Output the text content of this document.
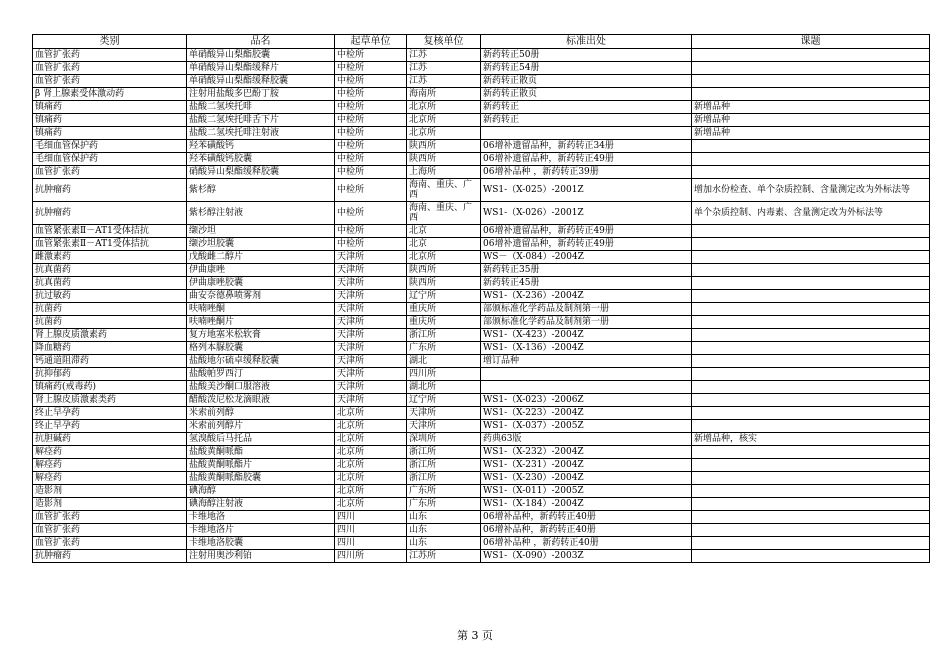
类别	品名	起草单位	复核单位	标准出处	课题
血管扩张药	单硝酸异山梨酯胶囊	中检所	江苏	新药转正50册	
血管扩张药	单硝酸异山梨酯缓释片	中检所	江苏	新药转正54册	
血管扩张药	单硝酸异山梨酯缓释胶囊	中检所	江苏	新药转正散页	
β 肾上腺素受体激动药	注射用盐酸多巴酚丁胺	中检所	海南所	新药转正散页	
镇痛药	盐酸二氢埃托啡	中检所	北京所	新药转正	新增品种
镇痛药	盐酸二氢埃托啡舌下片	中检所	北京所	新药转正	新增品种
镇痛药	盐酸二氢埃托啡注射液	中检所	北京所		新增品种
毛细血管保护药	羟苯磺酸钙	中检所	陕西所	06增补遗留品种，新药转正34册	
毛细血管保护药	羟苯磺酸钙胶囊	中检所	陕西所	06增补遗留品种，新药转正49册	
血管扩张药	硝酸异山梨酯缓释胶囊	中检所	上海所	06增补品种 ，新药转正39册	
抗肿瘤药	紫杉醇	中检所	海南、重庆、广西	WS1-（X-025）-2001Z	增加水份检查、单个杂质控制、含量测定改为外标法等
抗肿瘤药	紫杉醇注射液	中检所	海南、重庆、广西	WS1-（X-026）-2001Z	单个杂质控制、内毒素、含量测定改为外标法等
血管紧张素Ⅱ－AT1受体拮抗	缬沙坦	中检所	北京	06增补遗留品种，新药转正49册	
血管紧张素Ⅱ－AT1受体拮抗	缬沙坦胶囊	中检所	北京	06增补遗留品种，新药转正49册	
雌激素药	戊酸雌二醇片	天津所	北京所	WS－（X-084）-2004Z	
抗真菌药	伊曲康唑	天津所	陕西所	新药转正35册	
抗真菌药	伊曲康唑胶囊	天津所	陕西所	新药转正45册	
抗过敏药	曲安奈德鼻喷雾剂	天津所	辽宁所	WS1-（X-236）-2004Z	
抗菌药	呋喃唑酮	天津所	重庆所	部颁标准化学药品及制剂第一册	
抗菌药	呋喃唑酮片	天津所	重庆所	部颁标准化学药品及制剂第一册	
肾上腺皮质激素药	复方地塞米松软膏	天津所	浙江所	WS1-（X-423）-2004Z	
降血糖药	格列本脲胶囊	天津所	广东所	WS1-（X-136）-2004Z	
钙通道阻滞药	盐酸地尔硫卓缓释胶囊	天津所	湖北	增订品种	
抗抑郁药	盐酸帕罗西汀	天津所	四川所		
镇痛药(戒毒药)	盐酸美沙酮口服溶液	天津所	湖北所		
肾上腺皮质激素类药	醋酸泼尼松龙滴眼液	天津所	辽宁所	WS1-（X-023）-2006Z	
终止早孕药	米索前列醇	北京所	天津所	WS1-（X-223）-2004Z	
终止早孕药	米索前列醇片	北京所	天津所	WS1-（X-037）-2005Z	
抗胆碱药	氢溴酸后马托品	北京所	深圳所	药典63版	新增品种，核实
解痉药	盐酸黄酮哌酯	北京所	浙江所	WS1-（X-232）-2004Z	
解痉药	盐酸黄酮哌酯片	北京所	浙江所	WS1-（X-231）-2004Z	
解痉药	盐酸黄酮哌酯胶囊	北京所	浙江所	WS1-（X-230）-2004Z	
造影剂	碘海醇	北京所	广东所	WS1-（X-011）-2005Z	
造影剂	碘海醇注射液	北京所	广东所	WS1-（X-184）-2004Z	
血管扩张药	卡维地洛	四川	山东	06增补品种，新药转正40册	
血管扩张药	卡维地洛片	四川	山东	06增补品种，新药转正40册	
血管扩张药	卡维地洛胶囊	四川	山东	06增补品种 ，新药转正40册	
抗肿瘤药	注射用奥沙利铂	四川所	江苏所	WS1-（X-090）-2003Z	
第 3 页
